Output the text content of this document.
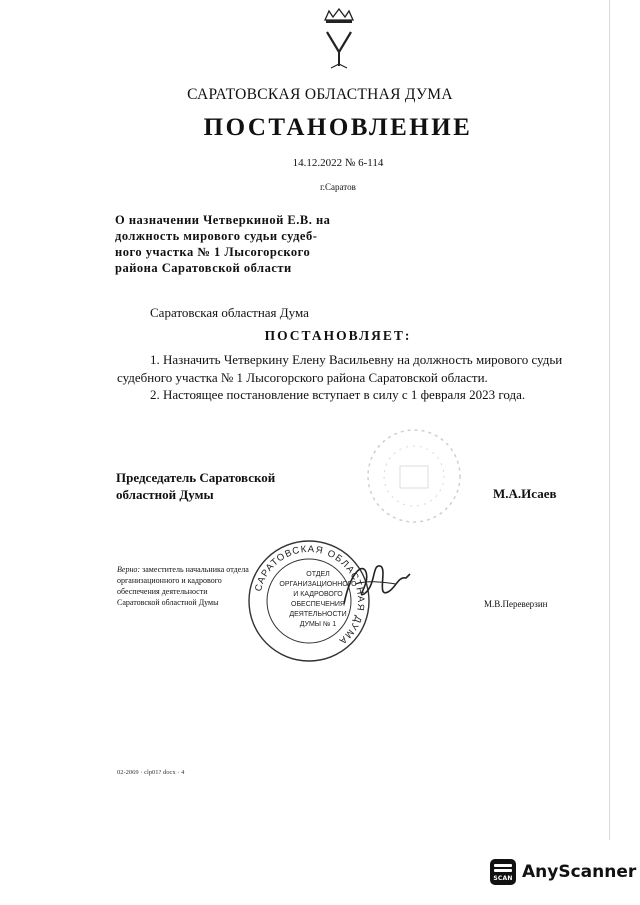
САРАТОВСКАЯ ОБЛАСТНАЯ ДУМА
ПОСТАНОВЛЕНИЕ
14.12.2022 № 6-114
г.Саратов
О назначении Четверкиной Е.В. на
должность мирового судьи судеб-
ного участка № 1 Лысогорского
района Саратовской области
Саратовская областная Дума
ПОСТАНОВЛЯЕТ:

1. Назначить Четверкину Елену Васильевну на должность мирового судьи судебного участка № 1 Лысогорского района Саратовской области.

2. Настоящее постановление вступает в силу с 1 февраля 2023 года.

Председатель Саратовской
областной Думы	М.А.Исаев
Верно: заместитель начальника отдела
организационного и кадрового
обеспечения деятельности
Саратовской областной Думы	М.В.Переверзин
САРАТОВСКАЯ ОБЛАСТНАЯ ДУМА
ОТДЕЛ
ОРГАНИЗАЦИОННОГО
И КАДРОВОГО
ОБЕСПЕЧЕНИЯ
ДЕЯТЕЛЬНОСТИ
ДУМЫ № 1
02-2069 · сlp01? docx · 4
SCAN AnyScanner
